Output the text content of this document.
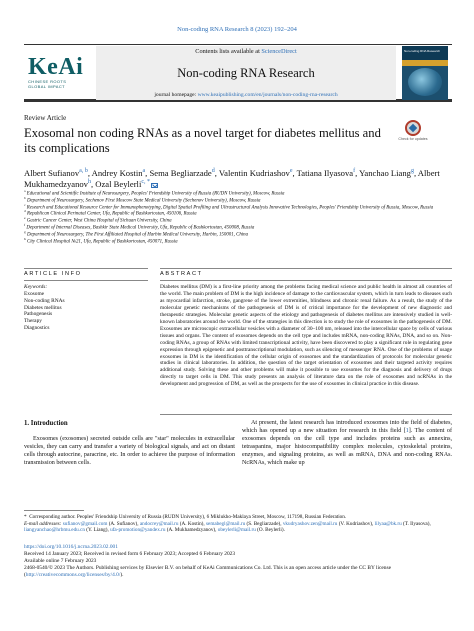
Non-coding RNA Research 8 (2023) 192–204
KeAi
CHINESE ROOTS
GLOBAL IMPACT
Contents lists available at ScienceDirect
Non-coding RNA Research
journal homepage: www.keaipublishing.com/en/journals/non-coding-rna-research
Non-coding RNA Research
Review Article
Exosomal non coding RNAs as a novel target for diabetes mellitus and its complications
Check for updates
Albert Sufianov$^{a, b}$, Andrey Kostin$^a$, Sema Begliarzade$^d$, Valentin Kudriashov$^e$, Tatiana Ilyasova$^f$, Yanchao Liang$^g$, Albert Mukhamedzyanov$^h$, Ozal Beylerli$^{c, *}$
$^a$ Educational and Scientific Institute of Neurosurgery, Peoples' Friendship University of Russia (RUDN University), Moscow, Russia
$^b$ Department of Neurosurgery, Sechenov First Moscow State Medical University (Sechenov University), Moscow, Russia
$^c$ Research and Educational Resource Center for Immunophenotyping, Digital Spatial Profiling and Ultrastructural Analysis Innovative Technologies, Peoples' Friendship University of Russia, Moscow, Russia
$^d$ Republican Clinical Perinatal Center, Ufa, Republic of Bashkortostan, 450106, Russia
$^e$ Gastric Cancer Center, West China Hospital of Sichuan University, China
$^f$ Department of Internal Diseases, Bashkir State Medical University, Ufa, Republic of Bashkortostan, 450008, Russia
$^g$ Department of Neurosurgery, The First Affiliated Hospital of Harbin Medical University, Harbin, 150001, China
$^h$ City Clinical Hospital №21, Ufa, Republic of Bashkortostan, 450071, Russia
ARTICLE INFO	ABSTRACT
Keywords:
Exosome
Non-coding RNAs
Diabetes mellitus
Pathogenesis
Therapy
Diagnostics
Diabetes mellitus (DM) is a first-line priority among the problems facing medical science and public health in almost all countries of the world. The main problem of DM is the high incidence of damage to the cardiovascular system, which in turn leads to diseases such as myocardial infarction, stroke, gangrene of the lower extremities, blindness and chronic renal failure. As a result, the study of the molecular genetic mechanisms of the pathogenesis of DM is of critical importance for the development of new diagnostic and therapeutic strategies. Molecular genetic aspects of the etiology and pathogenesis of diabetes mellitus are intensively studied in well-known laboratories around the world. One of the strategies in this direction is to study the role of exosomes in the pathogenesis of DM. Exosomes are microscopic extracellular vesicles with a diameter of 30–100 nm, released into the intercellular space by cells of various tissues and organs. The content of exosomes depends on the cell type and includes mRNA, non-coding RNAs, DNA, and so on. Non-coding RNAs, a group of RNAs with limited transcriptional activity, have been discovered to play a significant role in regulating gene expression through epigenetic and posttranscriptional modulation, such as silencing of messenger RNA. One of the problems of usage exosomes in DM is the identification of the cellular origin of exosomes and the standardization of protocols for molecular genetic studies in clinical laboratories. In addition, the question of the target orientation of exosomes and their targeted activity requires additional study. Solving these and other problems will make it possible to use exosomes for the diagnosis and delivery of drugs directly to target cells in DM. This study presents an analysis of literature data on the role of exosomes and ncRNAs in the development and progression of DM, as well as the prospects for the use of exosomes in clinical practice in this disease.
1. Introduction
Exosomes (exosomes) secreted outside cells are "star" molecules in extracellular vesicles, they can carry and transfer a variety of biological signals, and act on distant cells through autocrine, paracrine, etc. In order to achieve the purpose of information transmission between cells.
At present, the latest research has introduced exosomes into the field of diabetes, which has opened up a new situation for research in this field [1]. The content of exosomes depends on the cell type and includes proteins such as annexins, tetraspanins, major histocompatibility complex molecules, cytoskeletal proteins, enzymes, and signaling proteins, as well as mRNA, DNA and non-coding RNAs. NcRNAs, which make up
* Corresponding author. Peoples' Friendship University of Russia (RUDN University), 6 Miklukho-Maklaya Street, Moscow, 117198, Russian Federation.
E-mail addresses: sufianov@gmail.com (A. Sufianov), andocrey@mail.ru (A. Kostin), semabegl@mail.ru (S. Begliarzade), vkudryashov.zen@mail.ru (V. Kudriashov), lilyaa@bk.ru (T. Ilyasova), liangyanchao@hrbmu.edu.cn (Y. Liang), ufa-promotion@yandex.ru (A. Mukhamedzyanov), obeylerli@mail.ru (O. Beylerli).
https://doi.org/10.1016/j.ncrna.2023.02.001
Received 14 January 2023; Received in revised form 6 February 2023; Accepted 6 February 2023
Available online 7 February 2023
2468-0540/© 2023 The Authors. Publishing services by Elsevier B.V. on behalf of KeAi Communications Co. Ltd. This is an open access article under the CC BY license (http://creativecommons.org/licenses/by/4.0/).
